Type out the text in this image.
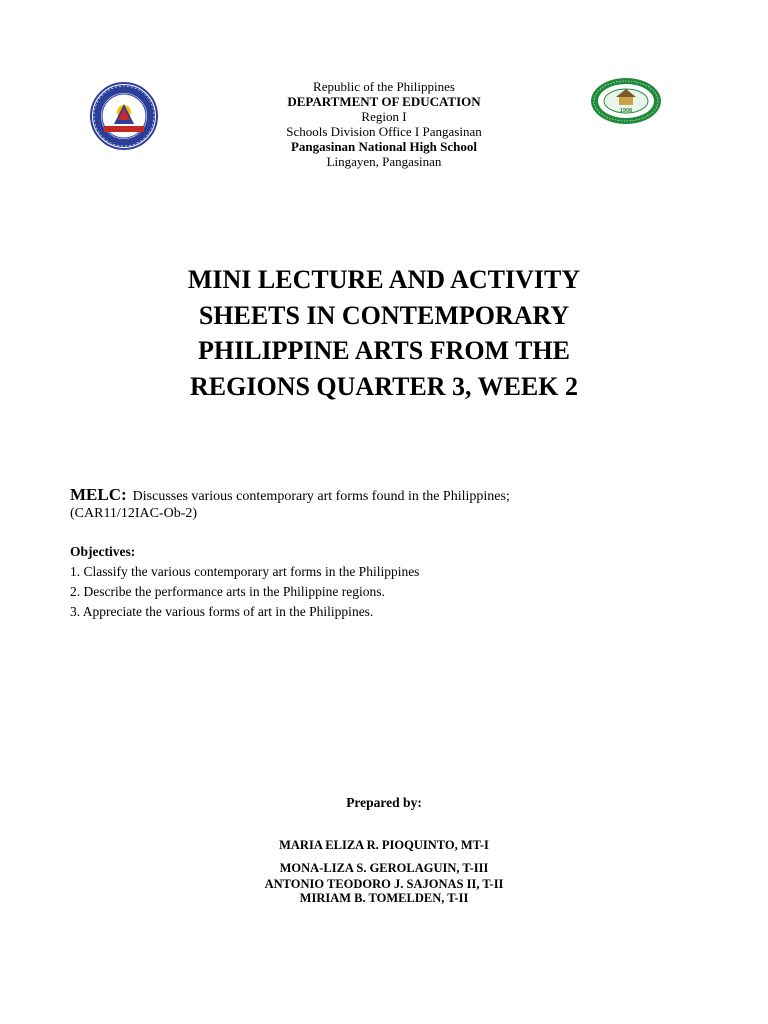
1908
Republic of the Philippines
DEPARTMENT OF EDUCATION
Region I
Schools Division Office I Pangasinan
Pangasinan National High School
Lingayen, Pangasinan
MINI LECTURE AND ACTIVITY
SHEETS IN CONTEMPORARY
PHILIPPINE ARTS FROM THE
REGIONS QUARTER 3, WEEK 2
MELC: Discusses various contemporary art forms found in the Philippines;
(CAR11/12IAC-Ob-2)
Objectives:
1. Classify the various contemporary art forms in the Philippines
2. Describe the performance arts in the Philippine regions.
3. Appreciate the various forms of art in the Philippines.
Prepared by:
MARIA ELIZA R. PIOQUINTO, MT-I
MONA-LIZA S. GEROLAGUIN, T-III
ANTONIO TEODORO J. SAJONAS II, T-II
MIRIAM B. TOMELDEN, T-II
